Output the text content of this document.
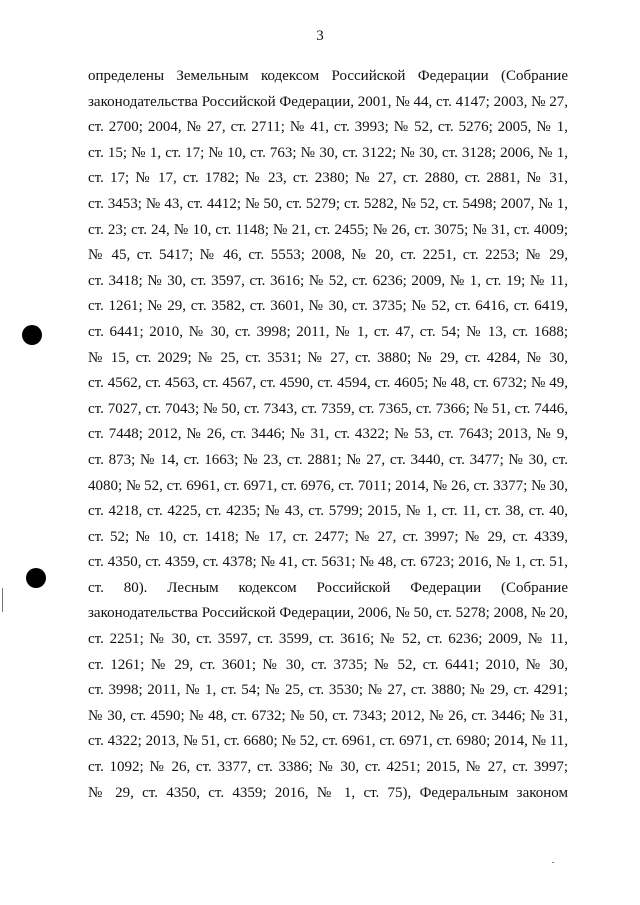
3
определены Земельным кодексом Российской Федерации (Собрание
законодательства Российской Федерации, 2001, № 44, ст. 4147; 2003, № 27,
ст. 2700; 2004, № 27, ст. 2711; № 41, ст. 3993; № 52, ст. 5276; 2005, № 1,
ст. 15; № 1, ст. 17; № 10, ст. 763; № 30, ст. 3122; № 30, ст. 3128; 2006, № 1,
ст. 17; № 17, ст. 1782; № 23, ст. 2380; № 27, ст. 2880, ст. 2881, № 31,
ст. 3453; № 43, ст. 4412; № 50, ст. 5279; ст. 5282, № 52, ст. 5498; 2007, № 1,
ст. 23; ст. 24, № 10, ст. 1148; № 21, ст. 2455; № 26, ст. 3075; № 31, ст. 4009;
№ 45, ст. 5417; № 46, ст. 5553; 2008, № 20, ст. 2251, ст. 2253; № 29,
ст. 3418; № 30, ст. 3597, ст. 3616; № 52, ст. 6236; 2009, № 1, ст. 19; № 11,
ст. 1261; № 29, ст. 3582, ст. 3601, № 30, ст. 3735; № 52, ст. 6416, ст. 6419,
ст. 6441; 2010, № 30, ст. 3998; 2011, № 1, ст. 47, ст. 54; № 13, ст. 1688;
№ 15, ст. 2029; № 25, ст. 3531; № 27, ст. 3880; № 29, ст. 4284, № 30,
ст. 4562, ст. 4563, ст. 4567, ст. 4590, ст. 4594, ст. 4605; № 48, ст. 6732; № 49,
ст. 7027, ст. 7043; № 50, ст. 7343, ст. 7359, ст. 7365, ст. 7366; № 51, ст. 7446,
ст. 7448; 2012, № 26, ст. 3446; № 31, ст. 4322; № 53, ст. 7643; 2013, № 9,
ст. 873; № 14, ст. 1663; № 23, ст. 2881; № 27, ст. 3440, ст. 3477; № 30, ст.
4080; № 52, ст. 6961, ст. 6971, ст. 6976, ст. 7011; 2014, № 26, ст. 3377; № 30,
ст. 4218, ст. 4225, ст. 4235; № 43, ст. 5799; 2015, № 1, ст. 11, ст. 38, ст. 40,
ст. 52; № 10, ст. 1418; № 17, ст. 2477; № 27, ст. 3997; № 29, ст. 4339,
ст. 4350, ст. 4359, ст. 4378; № 41, ст. 5631; № 48, ст. 6723; 2016, № 1, ст. 51,
ст. 80). Лесным кодексом Российской Федерации (Собрание
законодательства Российской Федерации, 2006, № 50, ст. 5278; 2008, № 20,
ст. 2251; № 30, ст. 3597, ст. 3599, ст. 3616; № 52, ст. 6236; 2009, № 11,
ст. 1261; № 29, ст. 3601; № 30, ст. 3735; № 52, ст. 6441; 2010, № 30,
ст. 3998; 2011, № 1, ст. 54; № 25, ст. 3530; № 27, ст. 3880; № 29, ст. 4291;
№ 30, ст. 4590; № 48, ст. 6732; № 50, ст. 7343; 2012, № 26, ст. 3446; № 31,
ст. 4322; 2013, № 51, ст. 6680; № 52, ст. 6961, ст. 6971, ст. 6980; 2014, № 11,
ст. 1092; № 26, ст. 3377, ст. 3386; № 30, ст. 4251; 2015, № 27, ст. 3997;
№ 29, ст. 4350, ст. 4359; 2016, № 1, ст. 75), Федеральным законом
